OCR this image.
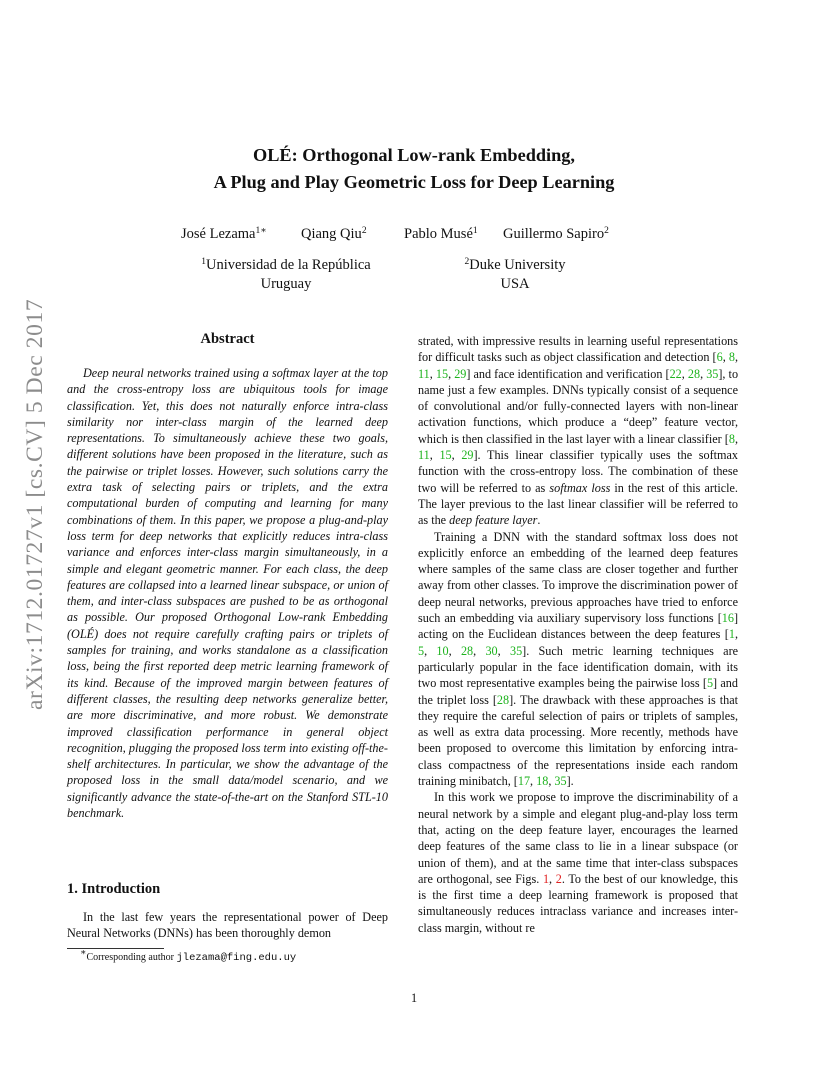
arXiv:1712.01727v1 [cs.CV] 5 Dec 2017
OLÉ: Orthogonal Low-rank Embedding,
A Plug and Play Geometric Loss for Deep Learning
José Lezama$^{1∗}$ Qiang Qiu$^2$	Pablo Musé$^1$ Guillermo Sapiro$^2$
$^1$Universidad de la República
Uruguay
$^2$Duke University
USA
Abstract
Deep neural networks trained using a softmax layer at the top and the cross-entropy loss are ubiquitous tools for image classification. Yet, this does not naturally enforce intra-class similarity nor inter-class margin of the learned deep representations. To simultaneously achieve these two goals, different solutions have been proposed in the literature, such as the pairwise or triplet losses. However, such solutions carry the extra task of selecting pairs or triplets, and the extra computational burden of computing and learning for many combinations of them. In this paper, we propose a plug-and-play loss term for deep networks that explicitly reduces intra-class variance and enforces inter-class margin simultaneously, in a simple and elegant geometric manner. For each class, the deep features are collapsed into a learned linear subspace, or union of them, and inter-class subspaces are pushed to be as orthogonal as possible. Our proposed Orthogonal Low-rank Embedding (OLÉ) does not require carefully crafting pairs or triplets of samples for training, and works standalone as a classification loss, being the first reported deep metric learning framework of its kind. Because of the improved margin between features of different classes, the resulting deep networks generalize better, are more discriminative, and more robust. We demonstrate improved classification performance in general object recognition, plugging the proposed loss term into existing off-the-shelf architectures. In particular, we show the advantage of the proposed loss in the small data/model scenario, and we significantly advance the state-of-the-art on the Stanford STL-10 benchmark.
1. Introduction
In the last few years the representational power of Deep Neural Networks (DNNs) has been thoroughly demon

strated, with impressive results in learning useful representations for difficult tasks such as object classification and detection [6, 8, 11, 15, 29] and face identification and verification [22, 28, 35], to name just a few examples. DNNs typically consist of a sequence of convolutional and/or fully-connected layers with non-linear activation functions, which produce a “deep” feature vector, which is then classified in the last layer with a linear classifier [8, 11, 15, 29]. This linear classifier typically uses the softmax function with the cross-entropy loss. The combination of these two will be referred to as softmax loss in the rest of this article. The layer previous to the last linear classifier will be referred to as the deep feature layer.

Training a DNN with the standard softmax loss does not explicitly enforce an embedding of the learned deep features where samples of the same class are closer together and further away from other classes. To improve the discrimination power of deep neural networks, previous approaches have tried to enforce such an embedding via auxiliary supervisory loss functions [16] acting on the Euclidean distances between the deep features [1, 5, 10, 28, 30, 35]. Such metric learning techniques are particularly popular in the face identification domain, with its two most representative examples being the pairwise loss [5] and the triplet loss [28]. The drawback with these approaches is that they require the careful selection of pairs or triplets of samples, as well as extra data processing. More recently, methods have been proposed to overcome this limitation by enforcing intra-class compactness of the representations inside each random training minibatch, [17, 18, 35].

In this work we propose to improve the discriminability of a neural network by a simple and elegant plug-and-play loss term that, acting on the deep feature layer, encourages the learned deep features of the same class to lie in a linear subspace (or union of them), and at the same time that inter-class subspaces are orthogonal, see Figs. 1, 2. To the best of our knowledge, this is the first time a deep learning framework is proposed that simultaneously reduces intraclass variance and increases inter-class margin, without re

∗Corresponding author jlezama@fing.edu.uy
1
